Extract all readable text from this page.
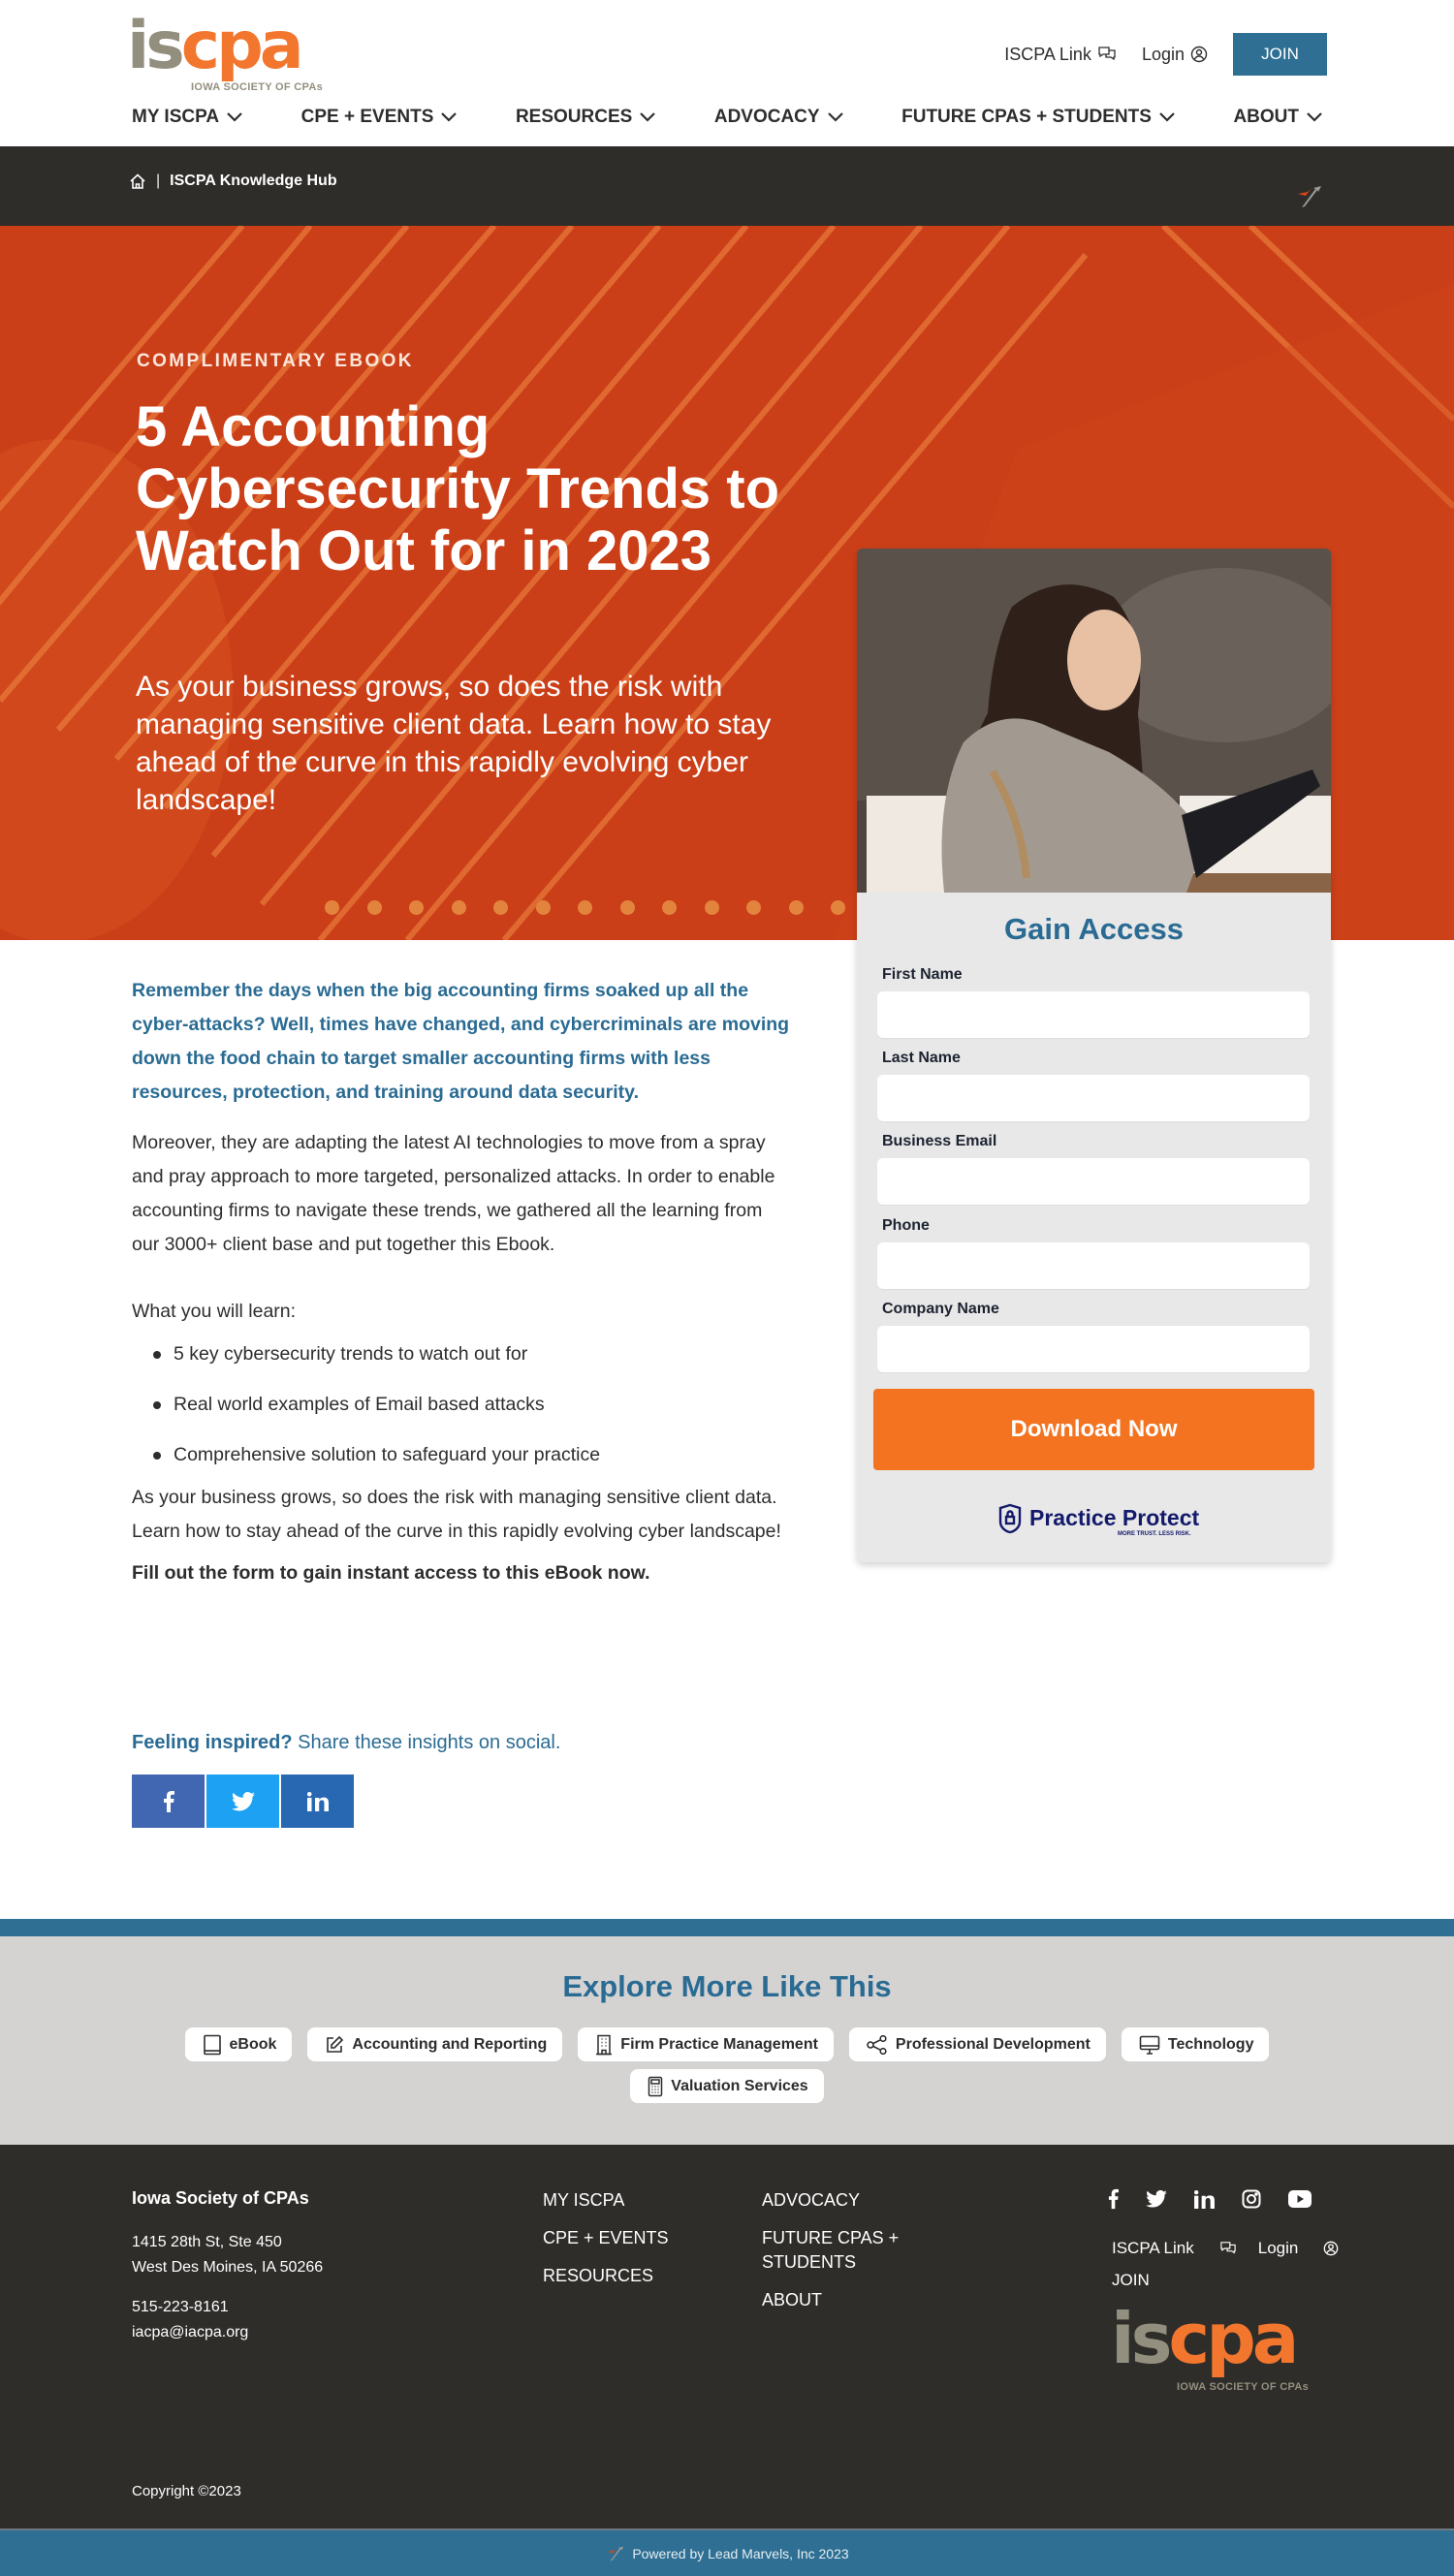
iscpa
IOWA SOCIETY OF CPAs
ISCPA Link	Login	JOIN
MY ISCPA	CPE + EVENTS	RESOURCES	ADVOCACY	FUTURE CPAS + STUDENTS	ABOUT
| ISCPA Knowledge Hub
COMPLIMENTARY EBOOK
5 Accounting Cybersecurity Trends to Watch Out for in 2023

As your business grows, so does the risk with managing sensitive client data. Learn how to stay ahead of the curve in this rapidly evolving cyber landscape!

Gain Access
First Name
Last Name
Business Email
Phone
Company Name
Download Now
Practice Protect
MORE TRUST. LESS RISK.

Remember the days when the big accounting firms soaked up all the cyber-attacks? Well, times have changed, and cybercriminals are moving down the food chain to target smaller accounting firms with less resources, protection, and training around data security.

Moreover, they are adapting the latest AI technologies to move from a spray and pray approach to more targeted, personalized attacks. In order to enable accounting firms to navigate these trends, we gathered all the learning from our 3000+ client base and put together this Ebook.

What you will learn:

5 key cybersecurity trends to watch out for
Real world examples of Email based attacks
Comprehensive solution to safeguard your practice

As your business grows, so does the risk with managing sensitive client data. Learn how to stay ahead of the curve in this rapidly evolving cyber landscape!

Fill out the form to gain instant access to this eBook now.

Feeling inspired? Share these insights on social.
Explore More Like This
eBook	Accounting and Reporting	Firm Practice Management	Professional Development	Technology
Valuation Services
Iowa Society of CPAs
1415 28th St, Ste 450
West Des Moines, IA 50266
515-223-8161
iacpa@iacpa.org
MY ISCPA
CPE + EVENTS
RESOURCES
ADVOCACY
FUTURE CPAS + STUDENTS
ABOUT
ISCPA Link	Login
JOIN
iscpa
IOWA SOCIETY OF CPAs
Copyright ©2023
Powered by Lead Marvels, Inc 2023
